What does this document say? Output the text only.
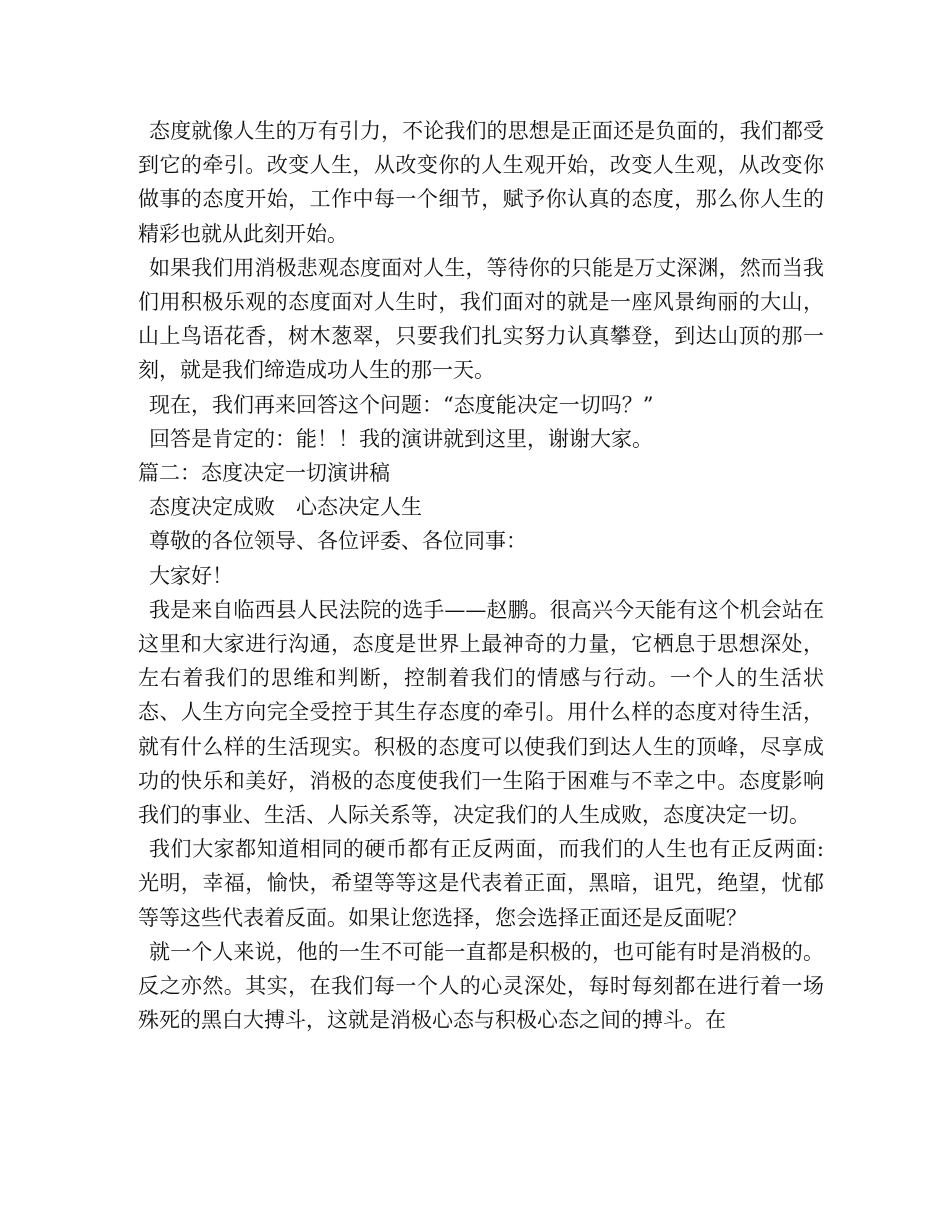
态度就像人生的万有引力，不论我们的思想是正面还是负面的，我们都受到它的牵引。改变人生，从改变你的人生观开始，改变人生观，从改变你做事的态度开始，工作中每一个细节，赋予你认真的态度，那么你人生的精彩也就从此刻开始。

如果我们用消极悲观态度面对人生，等待你的只能是万丈深渊，然而当我们用积极乐观的态度面对人生时，我们面对的就是一座风景绚丽的大山，山上鸟语花香，树木葱翠，只要我们扎实努力认真攀登，到达山顶的那一刻，就是我们缔造成功人生的那一天。

现在，我们再来回答这个问题：“态度能决定一切吗？”

回答是肯定的：能！！我的演讲就到这里，谢谢大家。

篇二：态度决定一切演讲稿

态度决定成败　心态决定人生

尊敬的各位领导、各位评委、各位同事：

大家好！

我是来自临西县人民法院的选手——赵鹏。很高兴今天能有这个机会站在这里和大家进行沟通，态度是世界上最神奇的力量，它栖息于思想深处，左右着我们的思维和判断，控制着我们的情感与行动。一个人的生活状态、人生方向完全受控于其生存态度的牵引。用什么样的态度对待生活，就有什么样的生活现实。积极的态度可以使我们到达人生的顶峰，尽享成功的快乐和美好，消极的态度使我们一生陷于困难与不幸之中。态度影响我们的事业、生活、人际关系等，决定我们的人生成败，态度决定一切。

我们大家都知道相同的硬币都有正反两面，而我们的人生也有正反两面:光明，幸福，愉快，希望等等这是代表着正面，黑暗，诅咒，绝望，忧郁等等这些代表着反面。如果让您选择，您会选择正面还是反面呢？

就一个人来说，他的一生不可能一直都是积极的，也可能有时是消极的。反之亦然。其实，在我们每一个人的心灵深处，每时每刻都在进行着一场殊死的黑白大搏斗，这就是消极心态与积极心态之间的搏斗。在
